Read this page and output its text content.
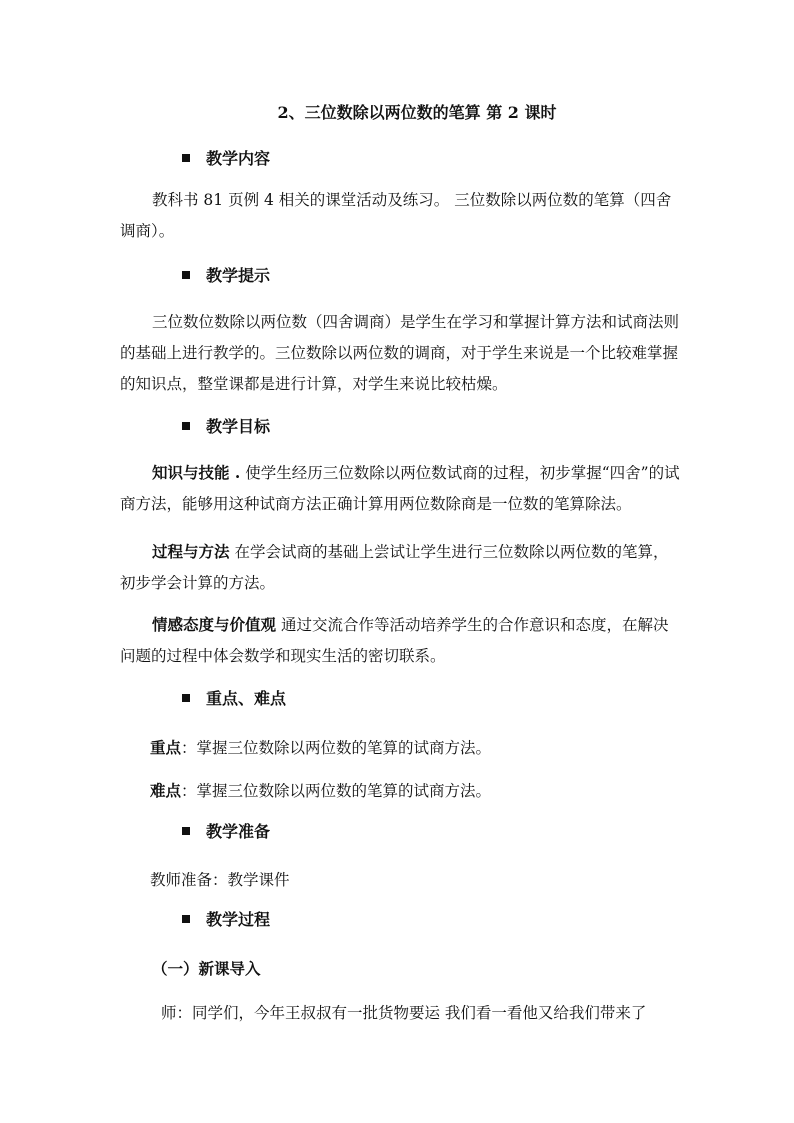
2、三位数除以两位数的笔算 第 2 课时
教学内容
教科书 81 页例 4 相关的课堂活动及练习。 三位数除以两位数的笔算（四舍调商）。
教学提示
三位数位数除以两位数（四舍调商）是学生在学习和掌握计算方法和试商法则的基础上进行教学的。三位数除以两位数的调商，对于学生来说是一个比较难掌握的知识点，整堂课都是进行计算，对学生来说比较枯燥。
教学目标
知识与技能 . 使学生经历三位数除以两位数试商的过程，初步掌握“四舍”的试商方法，能够用这种试商方法正确计算用两位数除商是一位数的笔算除法。
过程与方法 在学会试商的基础上尝试让学生进行三位数除以两位数的笔算，初步学会计算的方法。
情感态度与价值观 通过交流合作等活动培养学生的合作意识和态度，在解决问题的过程中体会数学和现实生活的密切联系。
重点、难点
重点：掌握三位数除以两位数的笔算的试商方法。
难点：掌握三位数除以两位数的笔算的试商方法。
教学准备
教师准备：教学课件
教学过程
（一）新课导入
师：同学们，今年王叔叔有一批货物要运 我们看一看他又给我们带来了
